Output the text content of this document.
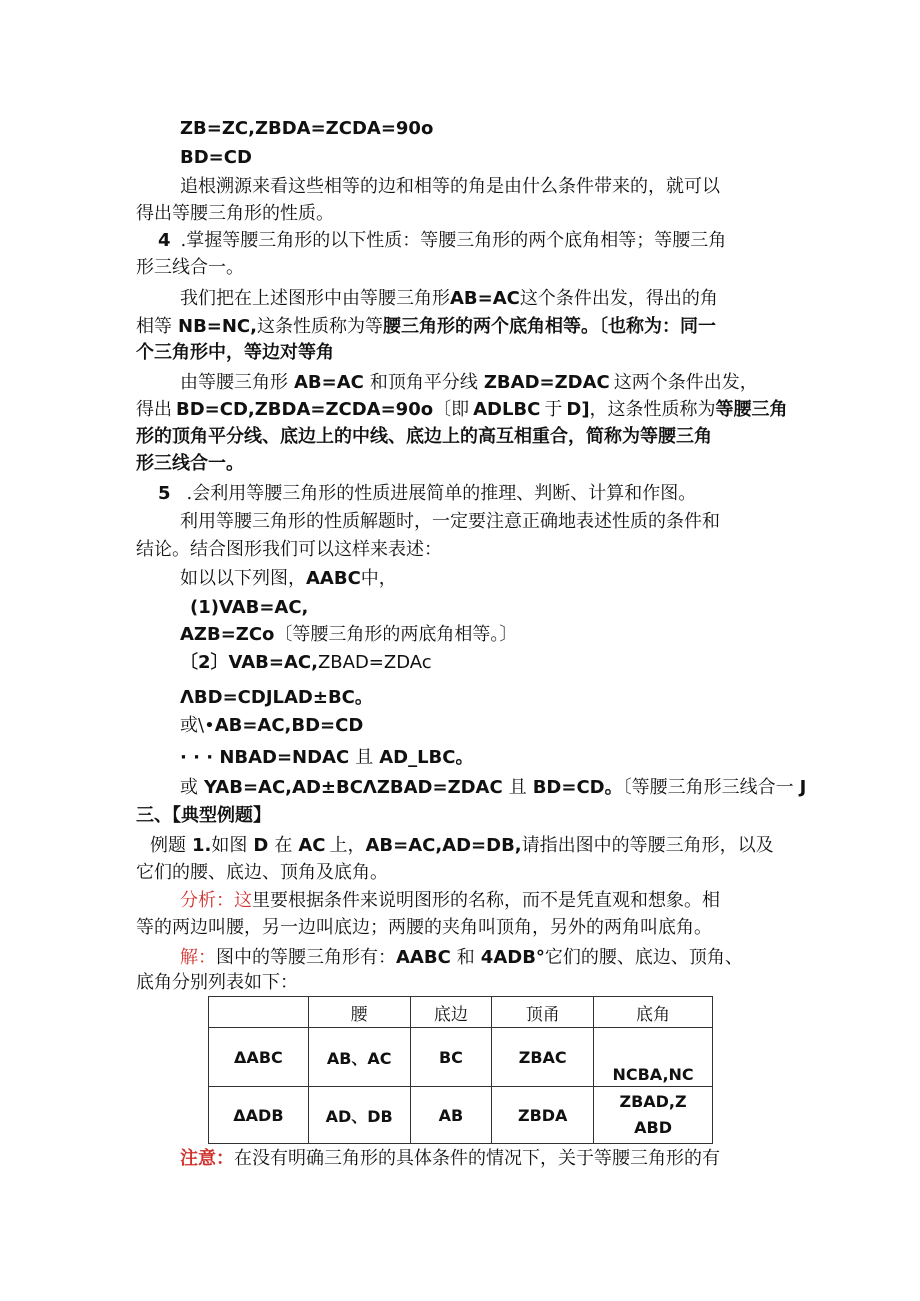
ZB=ZC,ZBDA=ZCDA=90o
BD=CD
追根溯源来看这些相等的边和相等的角是由什么条件带来的，就可以
得出等腰三角形的性质。
4 .掌握等腰三角形的以下性质：等腰三角形的两个底角相等；等腰三角
形三线合一。
我们把在上述图形中由等腰三角形AB=AC这个条件出发，得出的角
相等 NB=NC,这条性质称为等腰三角形的两个底角相等。〔也称为：同一
个三角形中，等边对等角
由等腰三角形 AB=AC 和顶角平分线 ZBAD=ZDAC 这两个条件出发，
得出 BD=CD,ZBDA=ZCDA=90o〔即 ADLBC 于 D]，这条性质称为等腰三角
形的顶角平分线、底边上的中线、底边上的高互相重合，简称为等腰三角
形三线合一。
5 .会利用等腰三角形的性质进展简单的推理、判断、计算和作图。
利用等腰三角形的性质解题时，一定要注意正确地表述性质的条件和
结论。结合图形我们可以这样来表述：
如以以下列图，AABC中，
(1)VAB=AC,
AZB=ZCo〔等腰三角形的两底角相等。〕
〔2〕VAB=AC,ZBAD=ZDAc
ΛBD=CDJLAD±BC。
或\•AB=AC,BD=CD
· · · NBAD=NDAC 且 AD_LBC。
或 YAB=AC,AD±BCΛZBAD=ZDAC 且 BD=CD。〔等腰三角形三线合一 J
三、【典型例题】
例题 1.如图 D 在 AC 上，AB=AC,AD=DB,请指出图中的等腰三角形，以及
它们的腰、底边、顶角及底角。
分析：这里要根据条件来说明图形的名称，而不是凭直观和想象。相
等的两边叫腰，另一边叫底边；两腰的夹角叫顶角，另外的两角叫底角。
解：图中的等腰三角形有：AABC 和 4ADB°它们的腰、底边、顶角、
底角分别列表如下：
	腰	底边	顶甬	底角
ΔABC	AB、AC	BC	ZBAC	NCBA,NC
ΔADB	AD、DB	AB	ZBDA	ZBAD,Z
ABD
注意：在没有明确三角形的具体条件的情况下，关于等腰三角形的有
